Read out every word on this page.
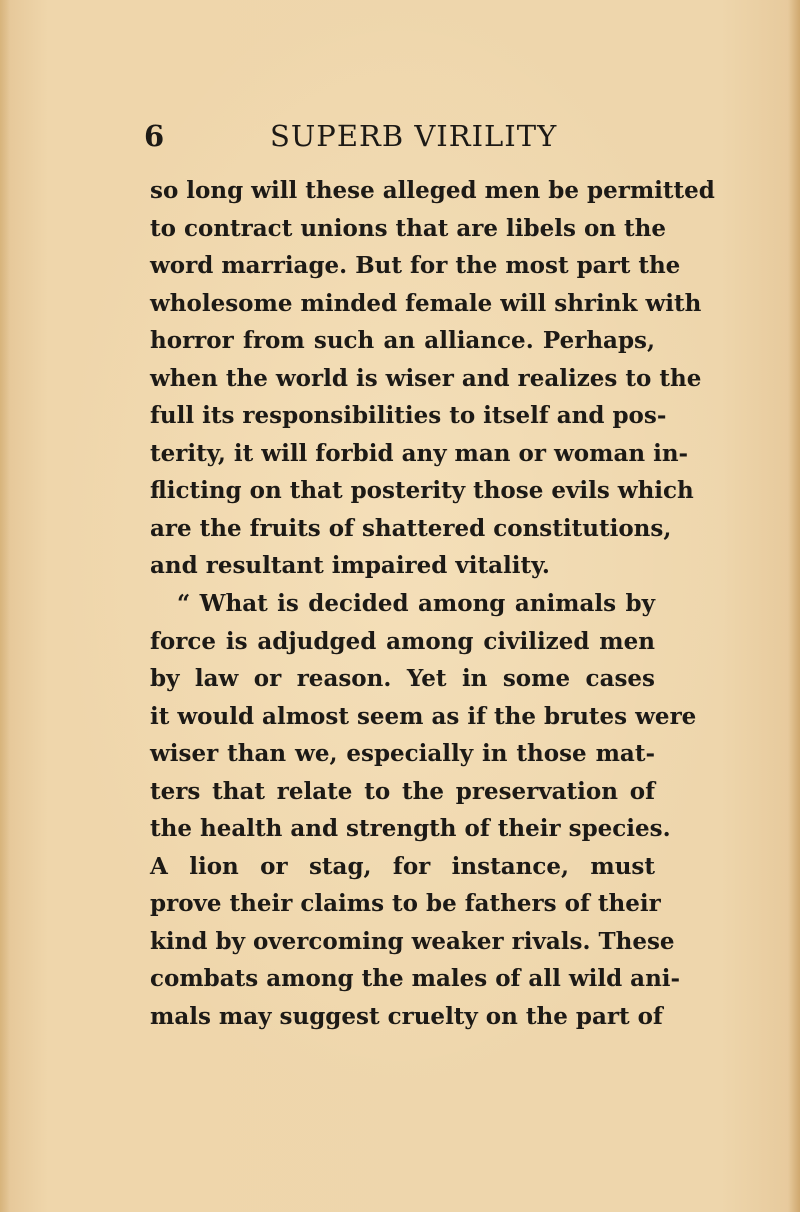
6	SUPERB VIRILITY
so long will these alleged men be permitted
to contract unions that are libels on the
word marriage. But for the most part the
wholesome minded female will shrink with
horror from such an alliance. Perhaps,
when the world is wiser and realizes to the
full its responsibilities to itself and pos-
terity, it will forbid any man or woman in-
flicting on that posterity those evils which
are the fruits of shattered constitutions,
and resultant impaired vitality.
“ What is decided among animals by
force is adjudged among civilized men
by law or reason. Yet in some cases
it would almost seem as if the brutes were
wiser than we, especially in those mat-
ters that relate to the preservation of
the health and strength of their species.
A lion or stag, for instance, must
prove their claims to be fathers of their
kind by overcoming weaker rivals. These
combats among the males of all wild ani-
mals may suggest cruelty on the part of
